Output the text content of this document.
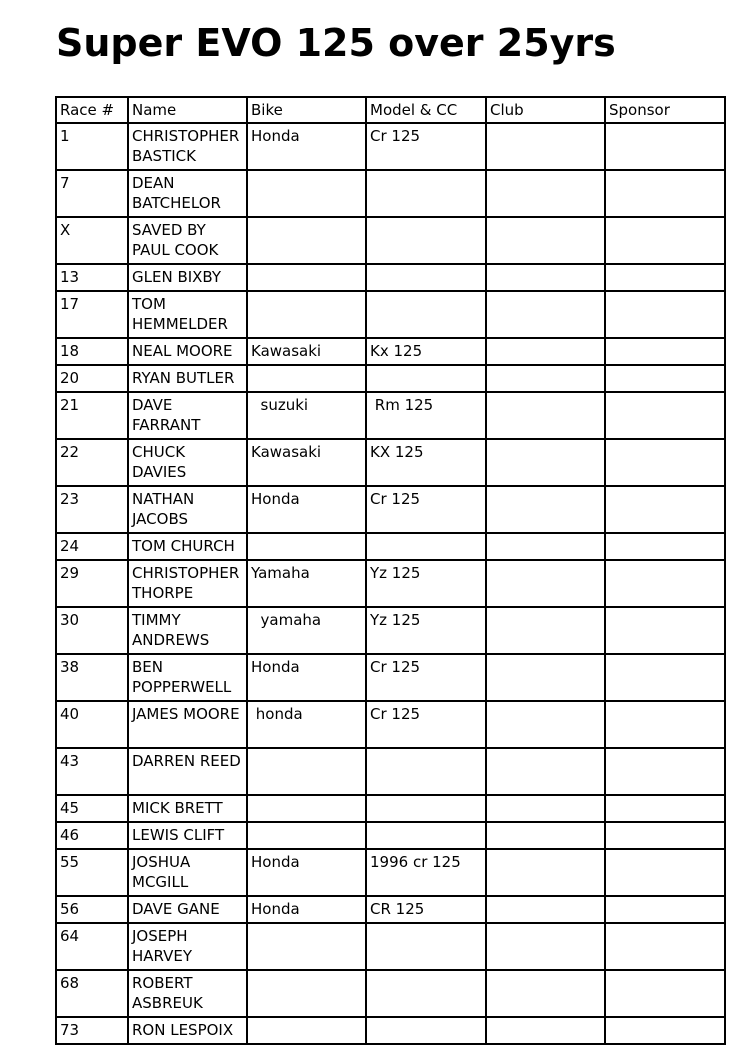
Super EVO 125 over 25yrs
Race #	Name	Bike	Model & CC	Club	Sponsor
1	CHRISTOPHER BASTICK	Honda	Cr 125		
7	DEAN BATCHELOR				
X	SAVED BY PAUL COOK				
13	GLEN BIXBY				
17	TOM HEMMELDER				
18	NEAL MOORE	Kawasaki	Kx 125		
20	RYAN BUTLER				
21	DAVE FARRANT	suzuki	Rm 125		
22	CHUCK DAVIES	Kawasaki	KX 125		
23	NATHAN JACOBS	Honda	Cr 125		
24	TOM CHURCH				
29	CHRISTOPHER THORPE	Yamaha	Yz 125		
30	TIMMY ANDREWS	yamaha	Yz 125		
38	BEN POPPERWELL	Honda	Cr 125		
40	JAMES MOORE	honda	Cr 125		
43	DARREN REED				
45	MICK BRETT				
46	LEWIS CLIFT				
55	JOSHUA MCGILL	Honda	1996 cr 125		
56	DAVE GANE	Honda	CR 125		
64	JOSEPH HARVEY				
68	ROBERT ASBREUK				
73	RON LESPOIX				
